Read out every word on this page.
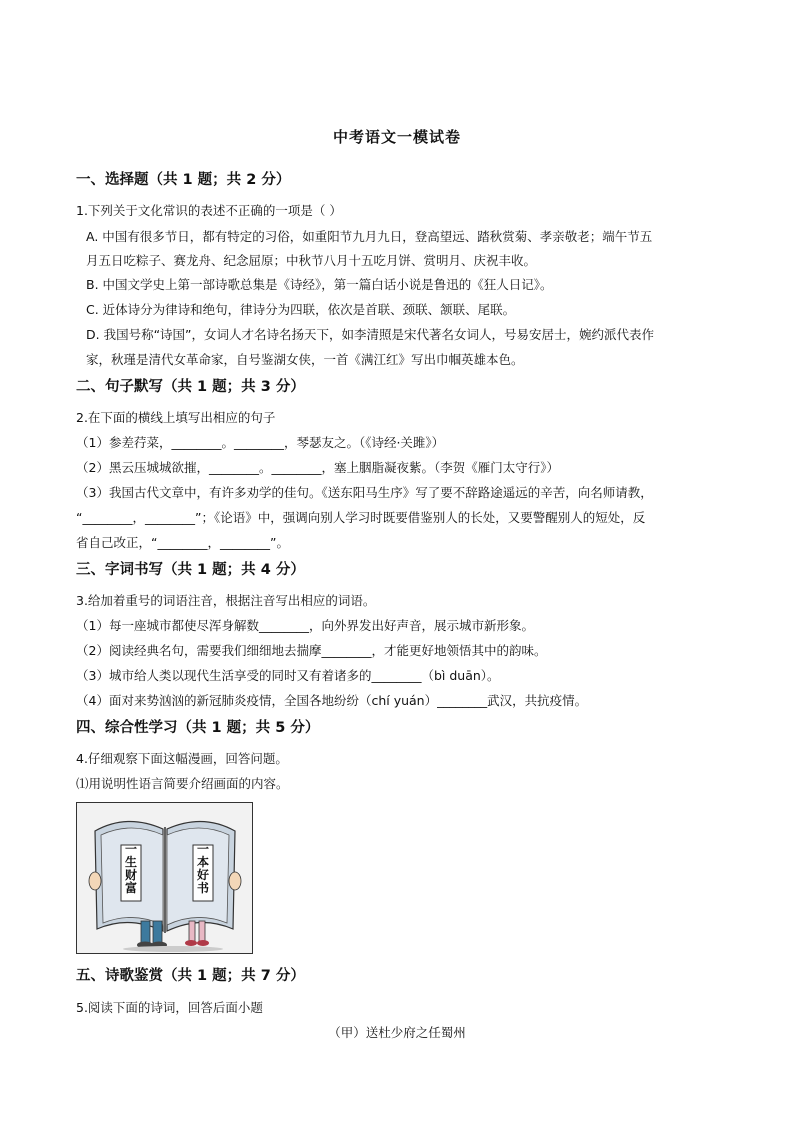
中考语文一模试卷
一、选择题（共 1 题；共 2 分）
1.下列关于文化常识的表述不正确的一项是（ ）
A. 中国有很多节日，都有特定的习俗，如重阳节九月九日，登高望远、踏秋赏菊、孝亲敬老；端午节五
月五日吃粽子、赛龙舟、纪念屈原；中秋节八月十五吃月饼、赏明月、庆祝丰收。
B. 中国文学史上第一部诗歌总集是《诗经》，第一篇白话小说是鲁迅的《狂人日记》。
C. 近体诗分为律诗和绝句，律诗分为四联，依次是首联、颈联、颔联、尾联。
D. 我国号称“诗国”，女词人才名诗名扬天下，如李清照是宋代著名女词人，号易安居士，婉约派代表作
家，秋瑾是清代女革命家，自号鉴湖女侠，一首《满江红》写出巾帼英雄本色。
二、句子默写（共 1 题；共 3 分）
2.在下面的横线上填写出相应的句子
（1）参差荇菜，________。________，琴瑟友之。（《诗经·关雎》）
（2）黑云压城城欲摧，________。________，塞上胭脂凝夜紫。（李贺《雁门太守行》）
（3）我国古代文章中，有许多劝学的佳句。《送东阳马生序》写了要不辞路途遥远的辛苦，向名师请教，
“________，________”；《论语》中，强调向别人学习时既要借鉴别人的长处，又要警醒别人的短处，反
省自己改正，“________，________”。
三、字词书写（共 1 题；共 4 分）
3.给加着重号的词语注音，根据注音写出相应的词语。
（1）每一座城市都使尽浑身解数________，向外界发出好声音，展示城市新形象。
（2）阅读经典名句，需要我们细细地去揣摩________，才能更好地领悟其中的韵味。
（3）城市给人类以现代生活享受的同时又有着诸多的________（bì duān）。
（4）面对来势汹汹的新冠肺炎疫情，全国各地纷纷（chí yuán）________武汉，共抗疫情。
四、综合性学习（共 1 题；共 5 分）
4.仔细观察下面这幅漫画，回答问题。
⑴用说明性语言简要介绍画面的内容。
一生财富
一本好书
五、诗歌鉴赏（共 1 题；共 7 分）
5.阅读下面的诗词，回答后面小题
（甲）送杜少府之任蜀州
